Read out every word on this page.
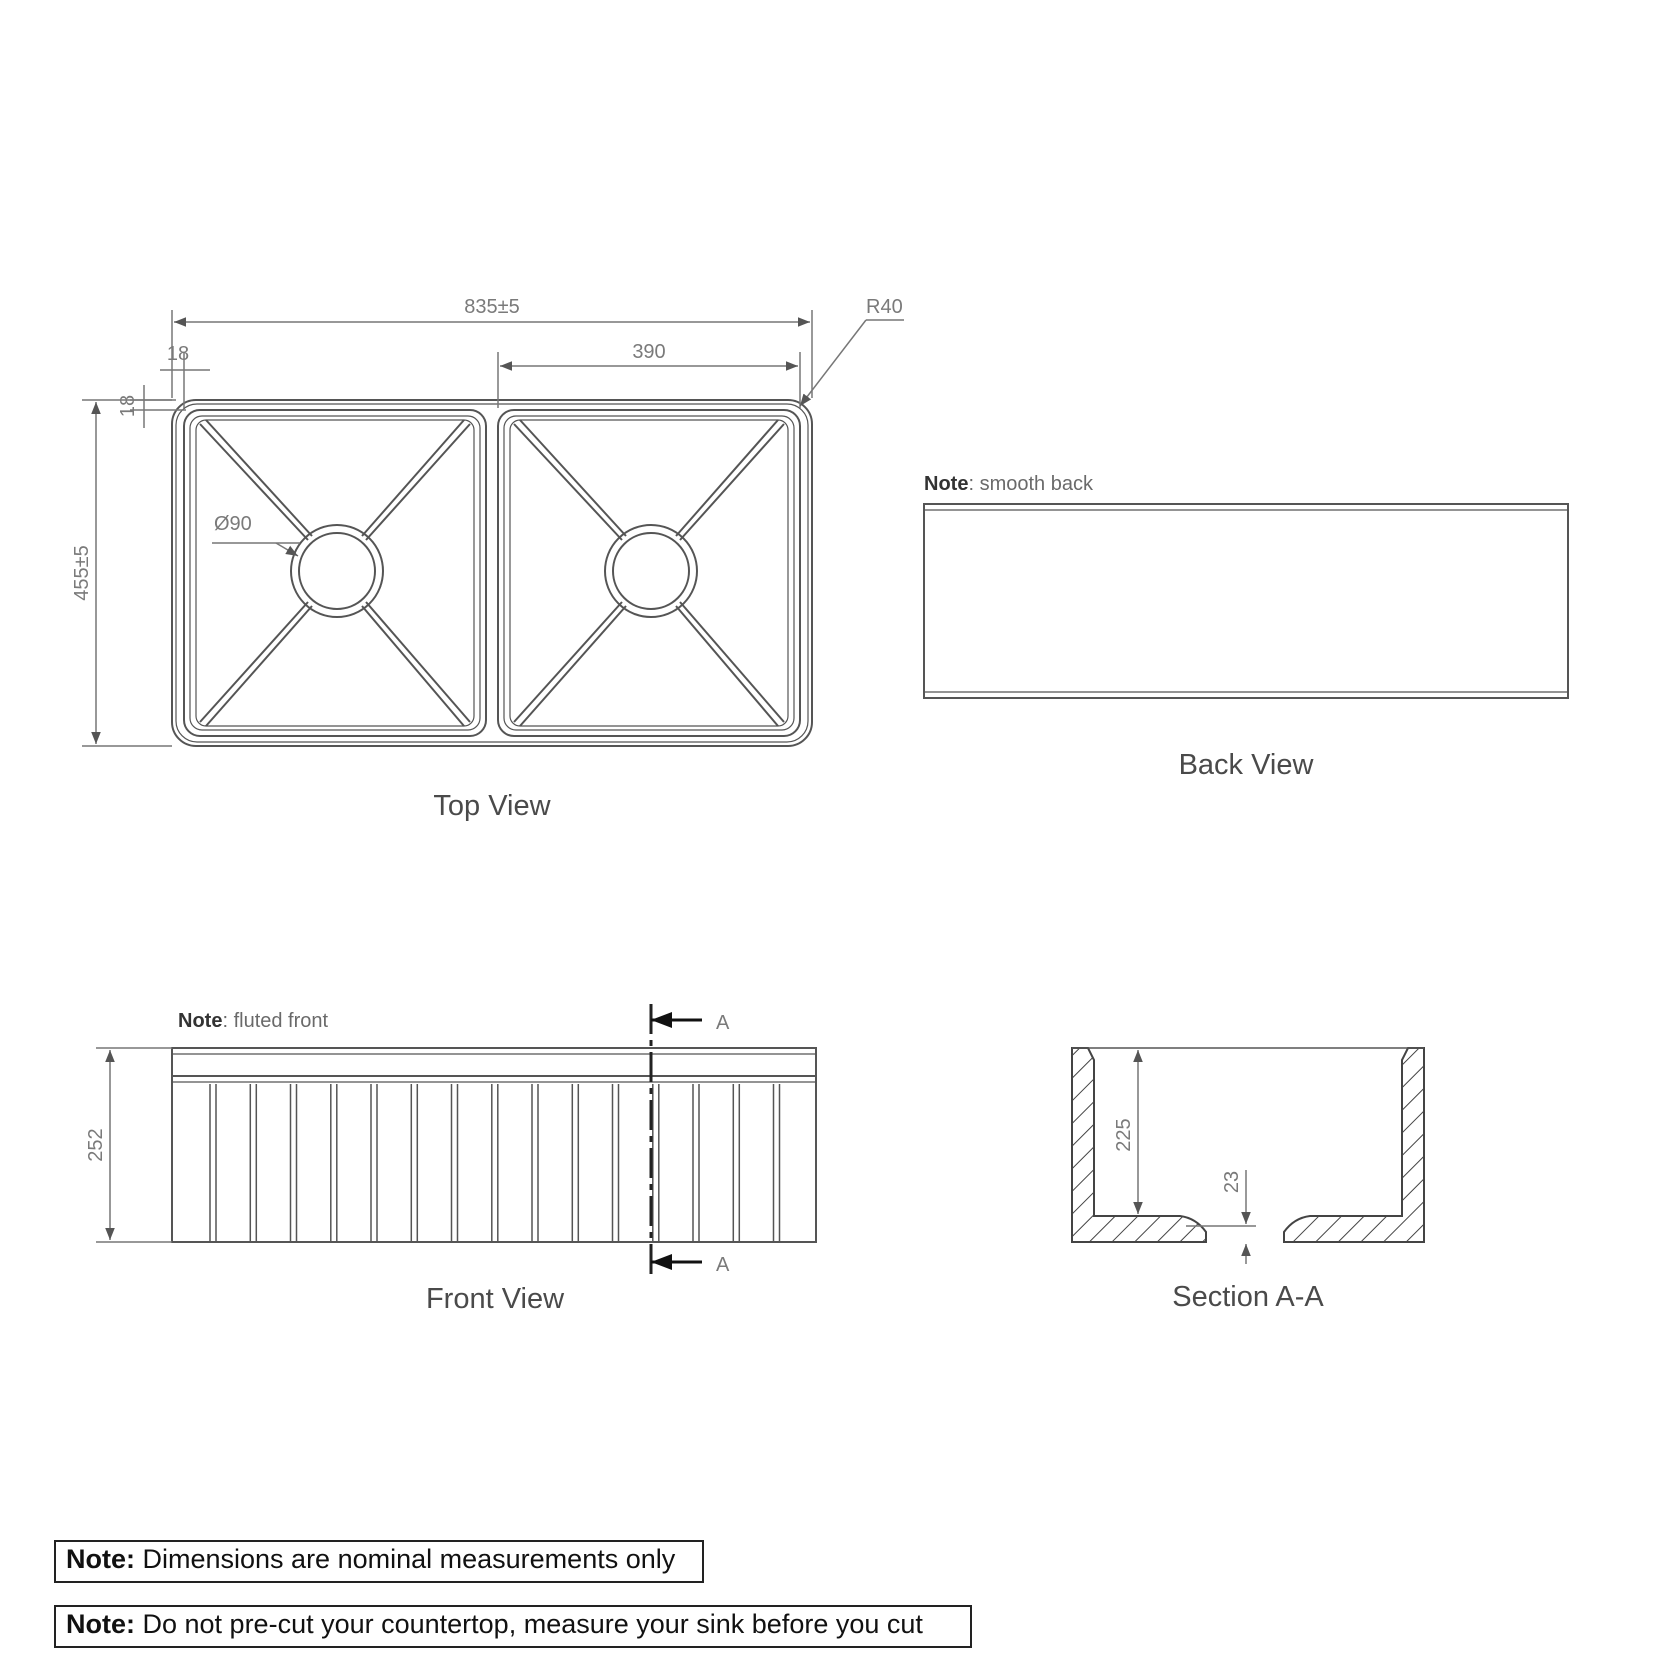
835±5
390
18
18
455±5
Ø90
R40
Top View
Note: smooth back
Back View
Note: fluted front
252
A
A
Front View
225
23
Section A-A
Note: Dimensions are nominal measurements only
Note: Do not pre-cut your countertop, measure your sink before you cut
